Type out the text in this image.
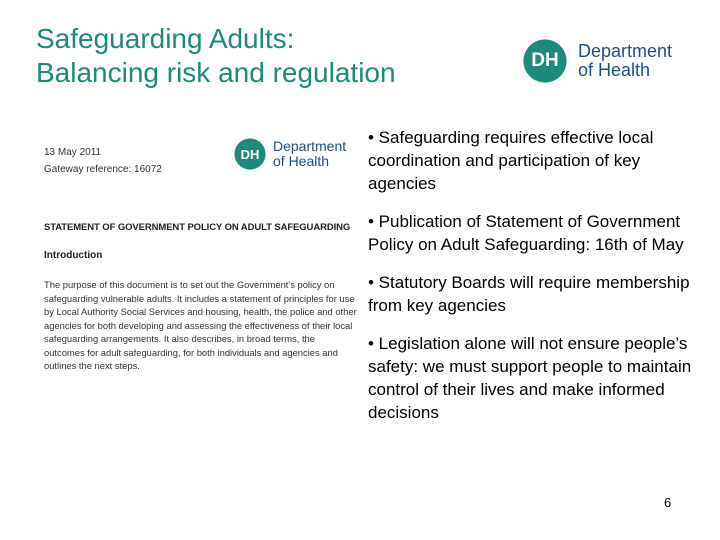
Safeguarding Adults:
Balancing risk and regulation	DH Department
of Health
13 May 2011
Gateway reference: 16072
DH Department
of Health
STATEMENT OF GOVERNMENT POLICY ON ADULT SAFEGUARDING
Introduction
The purpose of this document is to set out the Government's policy on safeguarding vulnerable adults. It includes a statement of principles for use by Local Authority Social Services and housing, health, the police and other agencies for both developing and assessing the effectiveness of their local safeguarding arrangements. It also describes, in broad terms, the outcomes for adult safeguarding, for both individuals and agencies and outlines the next steps.
• Safeguarding requires effective local coordination and participation of key agencies
• Publication of Statement of Government Policy on Adult Safeguarding: 16th of May
• Statutory Boards will require membership from key agencies
• Legislation alone will not ensure people’s safety: we must support people to maintain control of their lives and make informed decisions
6
